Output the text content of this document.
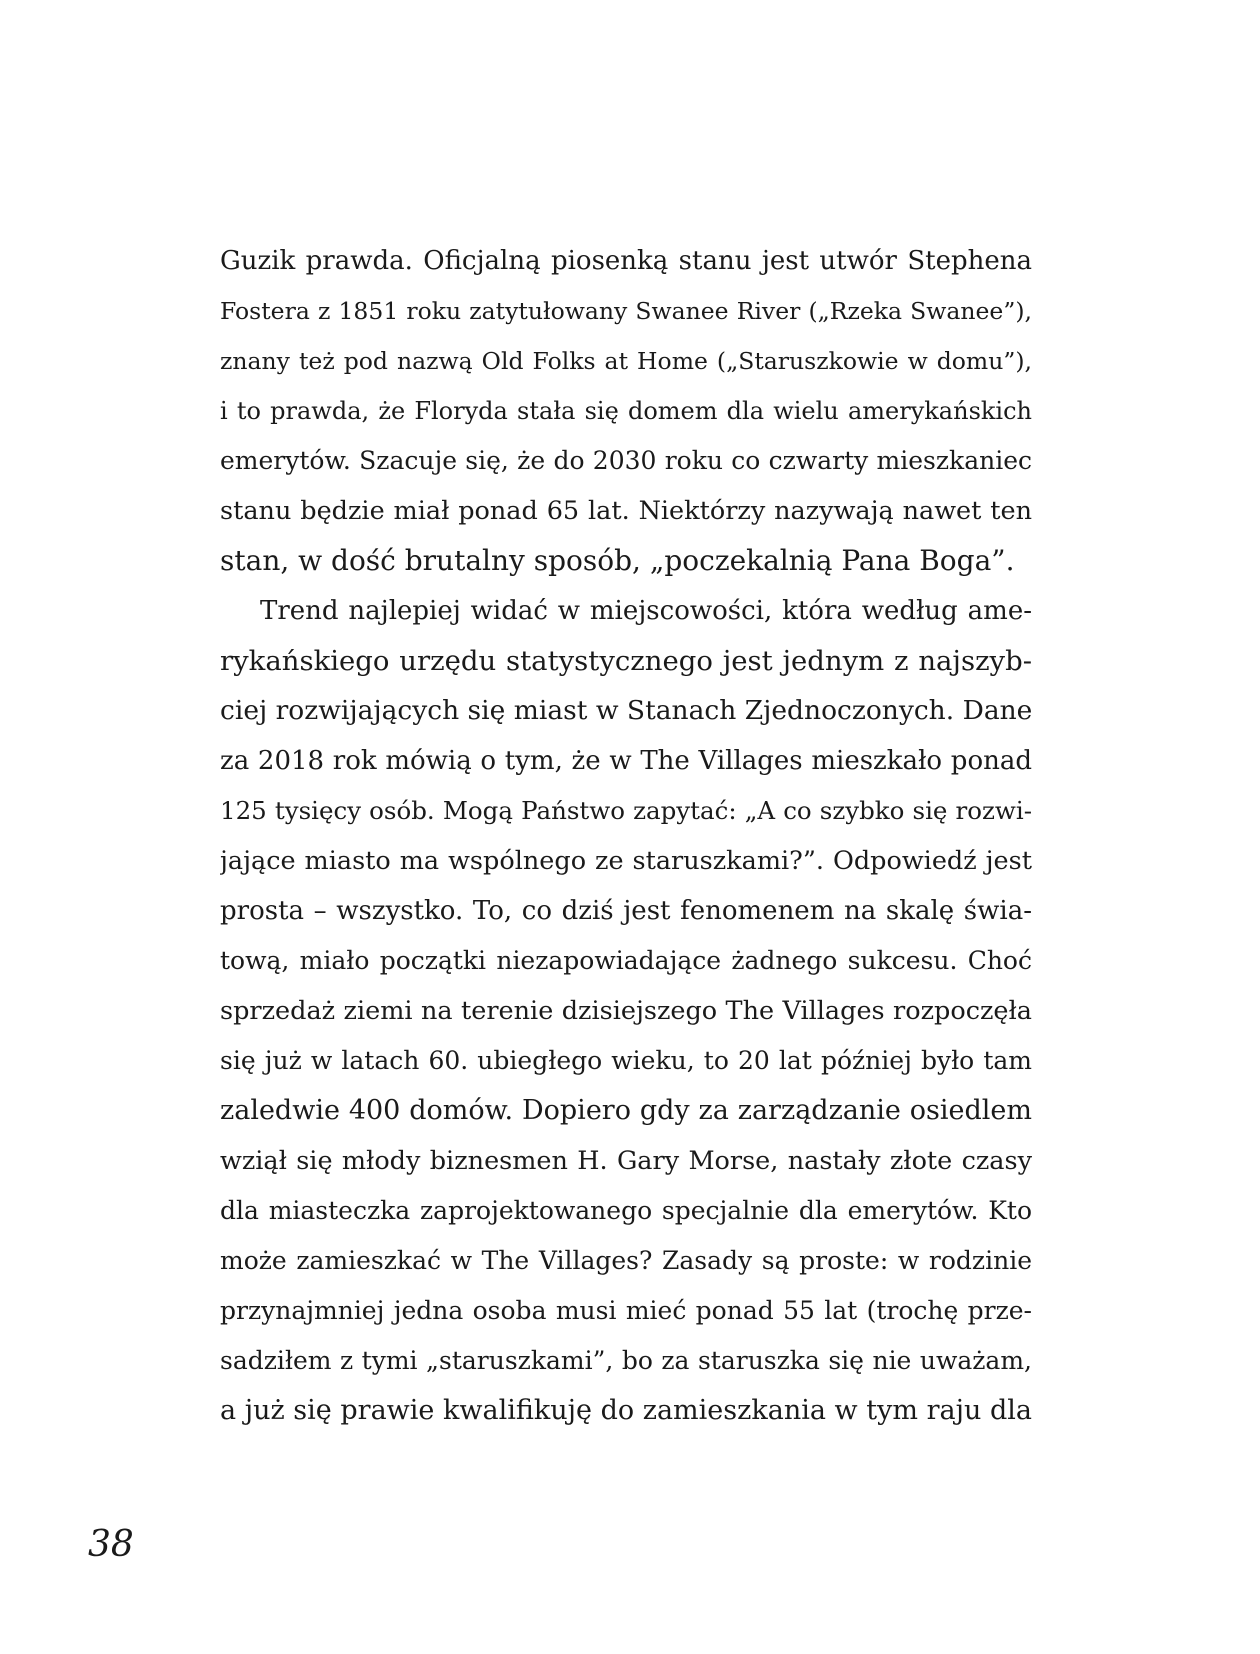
Guzik prawda. Oficjalną piosenką stanu jest utwór Stephena
Fostera z 1851 roku zatytułowany Swanee River („Rzeka Swanee”),
znany też pod nazwą Old Folks at Home („Staruszkowie w domu”),
i to prawda, że Floryda stała się domem dla wielu amerykańskich
emerytów. Szacuje się, że do 2030 roku co czwarty mieszkaniec
stanu będzie miał ponad 65 lat. Niektórzy nazywają nawet ten
stan, w dość brutalny sposób, „poczekalnią Pana Boga”.
Trend najlepiej widać w miejscowości, która według ame-
rykańskiego urzędu statystycznego jest jednym z najszyb-
ciej rozwijających się miast w Stanach Zjednoczonych. Dane
za 2018 rok mówią o tym, że w The Villages mieszkało ponad
125 tysięcy osób. Mogą Państwo zapytać: „A co szybko się rozwi-
jające miasto ma wspólnego ze staruszkami?”. Odpowiedź jest
prosta – wszystko. To, co dziś jest fenomenem na skalę świa-
tową, miało początki niezapowiadające żadnego sukcesu. Choć
sprzedaż ziemi na terenie dzisiejszego The Villages rozpoczęła
się już w latach 60. ubiegłego wieku, to 20 lat później było tam
zaledwie 400 domów. Dopiero gdy za zarządzanie osiedlem
wziął się młody biznesmen H. Gary Morse, nastały złote czasy
dla miasteczka zaprojektowanego specjalnie dla emerytów. Kto
może zamieszkać w The Villages? Zasady są proste: w rodzinie
przynajmniej jedna osoba musi mieć ponad 55 lat (trochę prze-
sadziłem z tymi „staruszkami”, bo za staruszka się nie uważam,
a już się prawie kwalifikuję do zamieszkania w tym raju dla
38
